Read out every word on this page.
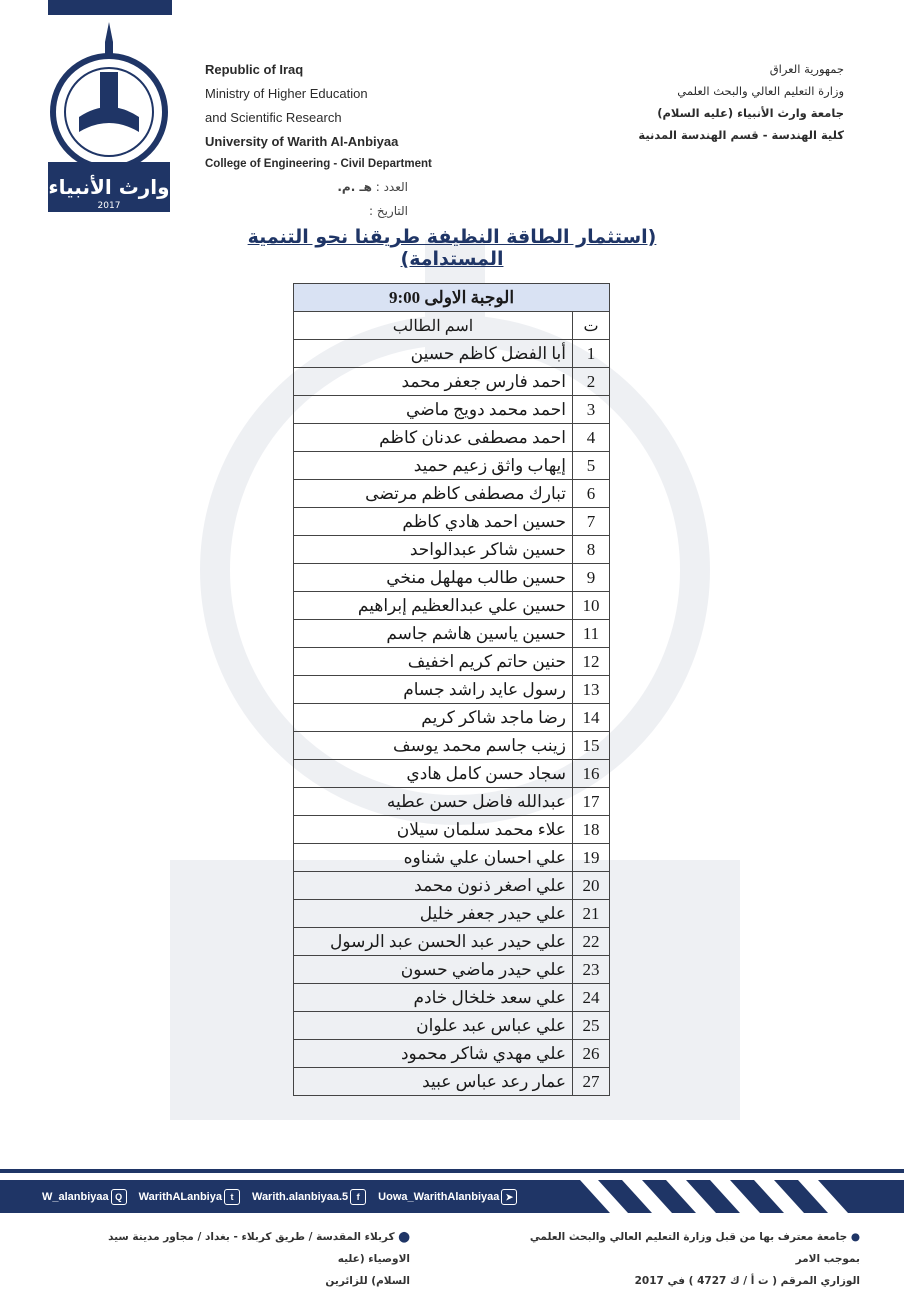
وارث الأنبياء
2017
Republic of Iraq
Ministry of Higher Education
and Scientific Research
University of Warith Al-Anbiyaa
College of Engineering - Civil Department
جمهورية العراق
وزارة التعليم العالي والبحث العلمي
جامعة وارث الأنبياء (عليه السلام)
كلية الهندسة - قسم الهندسة المدنية
العدد : هـ .م.
التاريخ :
(استثمار الطاقة النظيفة طريقنا نحو التنمية المستدامة)
الوجبة الاولى 9:00	
ت	اسم الطالب
1	أبا الفضل كاظم حسين
2	احمد فارس جعفر محمد
3	احمد محمد دويج ماضي
4	احمد مصطفى عدنان كاظم
5	إيهاب واثق زعيم حميد
6	تبارك مصطفى كاظم مرتضى
7	حسين احمد هادي كاظم
8	حسين شاكر عبدالواحد
9	حسين طالب مهلهل منخي
10	حسين علي عبدالعظيم إبراهيم
11	حسين ياسين هاشم جاسم
12	حنين حاتم كريم اخفيف
13	رسول عايد راشد جسام
14	رضا ماجد شاكر كريم
15	زينب جاسم محمد يوسف
16	سجاد حسن كامل هادي
17	عبدالله فاضل حسن عطيه
18	علاء محمد سلمان سيلان
19	علي احسان علي شناوه
20	علي اصغر ذنون محمد
21	علي حيدر جعفر خليل
22	علي حيدر عبد الحسن عبد الرسول
23	علي حيدر ماضي حسون
24	علي سعد خلخال خادم
25	علي عباس عبد علوان
26	علي مهدي شاكر محمود
27	عمار رعد عباس عبيد
W_alanbiyaa Q	WarithALanbiya t	Warith.alanbiyaa.5 f	Uowa_WarithAlanbiyaa ➤
⬤ كربلاء المقدسة / طريق كربلاء - بغداد / مجاور مدينة سيد الاوصياء (عليه
السلام) للزائرين
● جامعة معترف بها من قبل وزارة التعليم العالي والبحث العلمي بموجب الامر
الوزاري المرقم ( ت أ / ك 4727 ) في 2017
